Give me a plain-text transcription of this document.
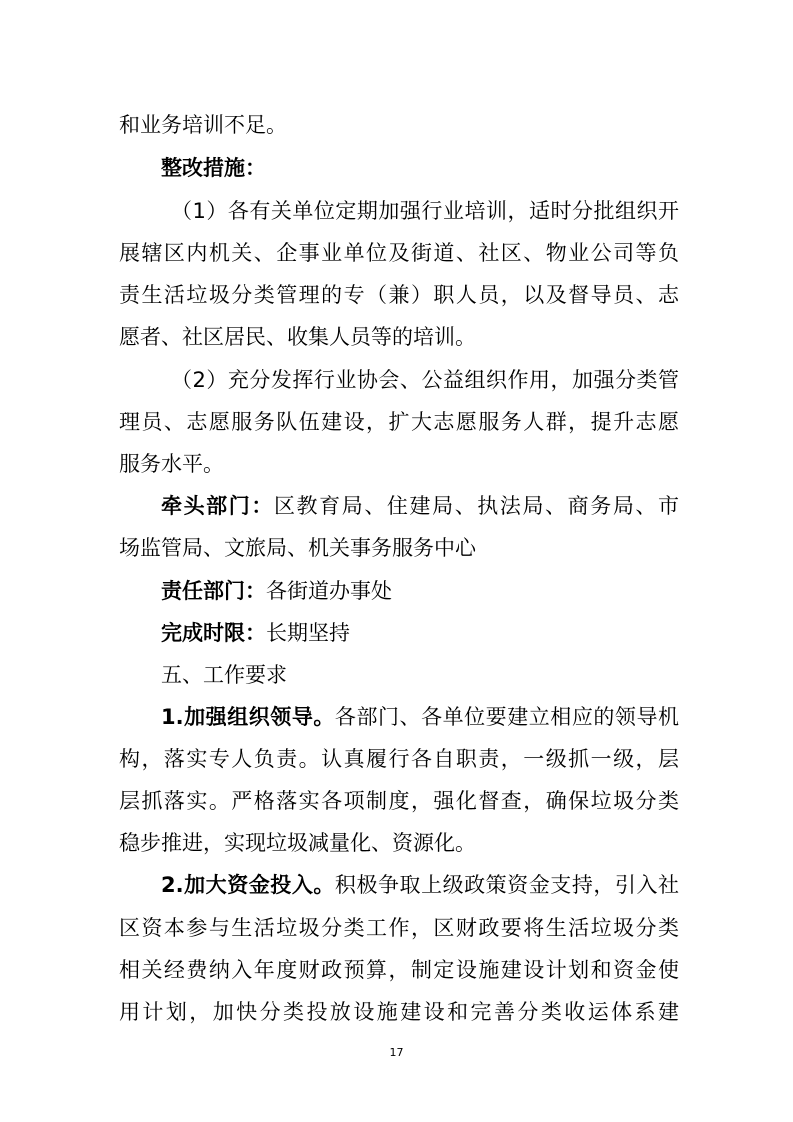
和业务培训不足。
整改措施：
（1）各有关单位定期加强行业培训，适时分批组织开
展辖区内机关、企事业单位及街道、社区、物业公司等负
责生活垃圾分类管理的专（兼）职人员，以及督导员、志
愿者、社区居民、收集人员等的培训。
（2）充分发挥行业协会、公益组织作用，加强分类管
理员、志愿服务队伍建设，扩大志愿服务人群，提升志愿
服务水平。
牵头部门：区教育局、住建局、执法局、商务局、市
场监管局、文旅局、机关事务服务中心
责任部门：各街道办事处
完成时限：长期坚持
五、工作要求
1.加强组织领导。各部门、各单位要建立相应的领导机
构，落实专人负责。认真履行各自职责，一级抓一级，层
层抓落实。严格落实各项制度，强化督查，确保垃圾分类
稳步推进，实现垃圾减量化、资源化。
2.加大资金投入。积极争取上级政策资金支持，引入社
区资本参与生活垃圾分类工作，区财政要将生活垃圾分类
相关经费纳入年度财政预算，制定设施建设计划和资金使
用计划，加快分类投放设施建设和完善分类收运体系建
17
